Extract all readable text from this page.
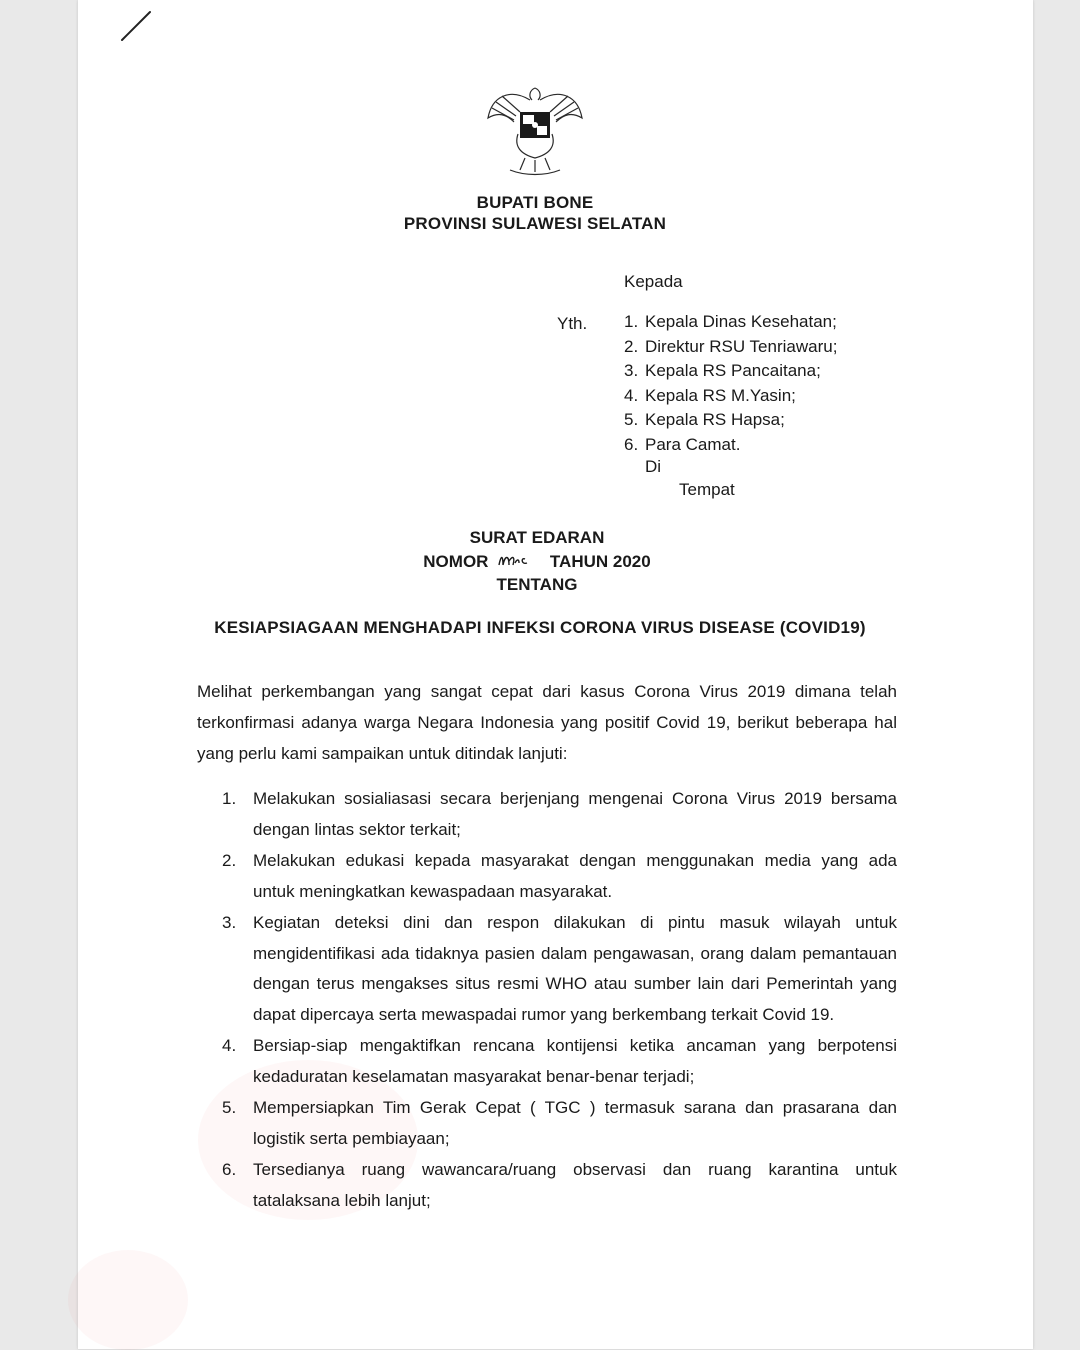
BUPATI BONE
PROVINSI SULAWESI SELATAN
Kepada
Yth. 1. Kepala Dinas Kesehatan;
2. Direktur RSU Tenriawaru;
3. Kepala RS Pancaitana;
4. Kepala RS M.Yasin;
5. Kepala RS Hapsa;
6. Para Camat.
Di
Tempat
SURAT EDARAN
NOMOR	TAHUN 2020
TENTANG
KESIAPSIAGAAN MENGHADAPI INFEKSI CORONA VIRUS DISEASE (COVID19)
Melihat perkembangan yang sangat cepat dari kasus Corona Virus 2019 dimana telah terkonfirmasi adanya warga Negara Indonesia yang positif Covid 19, berikut beberapa hal yang perlu kami sampaikan untuk ditindak lanjuti:
1. Melakukan sosialiasasi secara berjenjang mengenai Corona Virus 2019 bersama dengan lintas sektor terkait;
2. Melakukan edukasi kepada masyarakat dengan menggunakan media yang ada untuk meningkatkan kewaspadaan masyarakat.
3. Kegiatan deteksi dini dan respon dilakukan di pintu masuk wilayah untuk mengidentifikasi ada tidaknya pasien dalam pengawasan, orang dalam pemantauan dengan terus mengakses situs resmi WHO atau sumber lain dari Pemerintah yang dapat dipercaya serta mewaspadai rumor yang berkembang terkait Covid 19.
4. Bersiap-siap mengaktifkan rencana kontijensi ketika ancaman yang berpotensi kedaduratan keselamatan masyarakat benar-benar terjadi;
5. Mempersiapkan Tim Gerak Cepat ( TGC ) termasuk sarana dan prasarana dan logistik serta pembiayaan;
6. Tersedianya ruang wawancara/ruang observasi dan ruang karantina untuk tatalaksana lebih lanjut;
